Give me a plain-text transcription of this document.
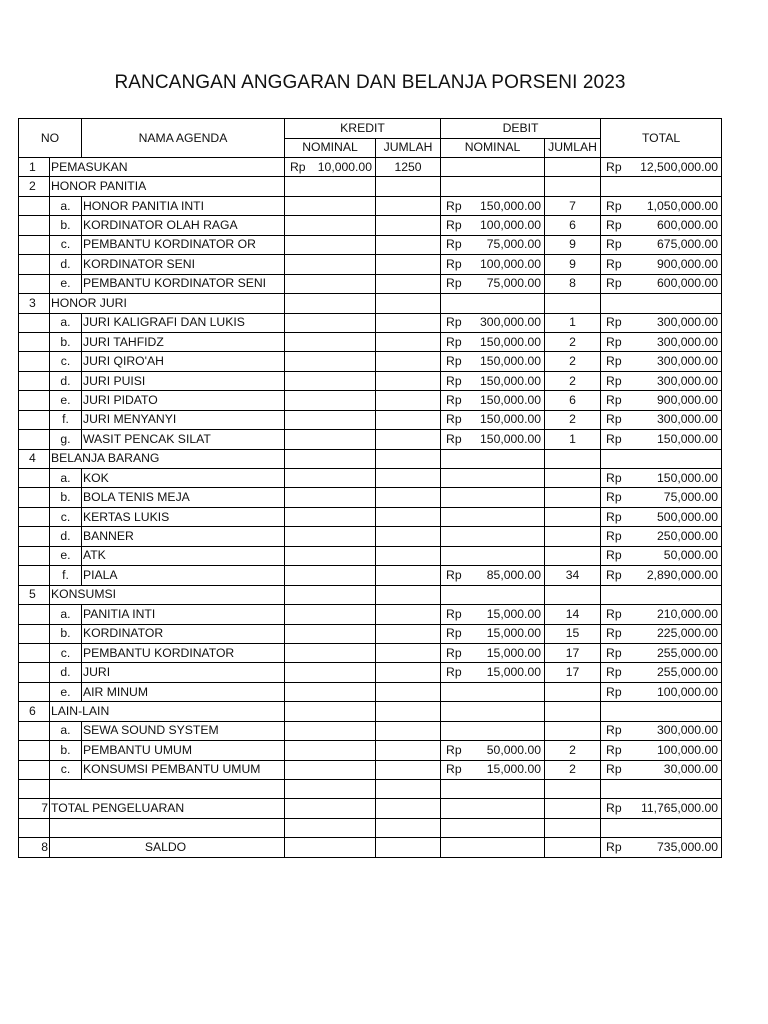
RANCANGAN ANGGARAN DAN BELANJA PORSENI 2023
NO		NAMA AGENDA	KREDIT		DEBIT		TOTAL
			NOMINAL	JUMLAH	NOMINAL	JUMLAH	
1	PEMASUKAN		Rp 10,000.00	1250			Rp 12,500,000.00

2	HONOR PANITIA						
	a.	HONOR PANITIA INTI			Rp 150,000.00	7	Rp 1,050,000.00

	b.	KORDINATOR OLAH RAGA			Rp 100,000.00	6	Rp 600,000.00

	c.	PEMBANTU KORDINATOR OR			Rp 75,000.00	9	Rp 675,000.00

	d.	KORDINATOR SENI			Rp 100,000.00	9	Rp 900,000.00

	e.	PEMBANTU KORDINATOR SENI			Rp 75,000.00	8	Rp 600,000.00

3	HONOR JURI						
	a.	JURI KALIGRAFI DAN LUKIS			Rp 300,000.00	1	Rp 300,000.00

	b.	JURI TAHFIDZ			Rp 150,000.00	2	Rp 300,000.00

	c.	JURI QIRO'AH			Rp 150,000.00	2	Rp 300,000.00

	d.	JURI PUISI			Rp 150,000.00	2	Rp 300,000.00

	e.	JURI PIDATO			Rp 150,000.00	6	Rp 900,000.00

	f.	JURI MENYANYI			Rp 150,000.00	2	Rp 300,000.00

	g.	WASIT PENCAK SILAT			Rp 150,000.00	1	Rp 150,000.00

4	BELANJA BARANG						
	a.	KOK					Rp 150,000.00

	b.	BOLA TENIS MEJA					Rp 75,000.00

	c.	KERTAS LUKIS					Rp 500,000.00

	d.	BANNER					Rp 250,000.00

	e.	ATK					Rp 50,000.00

	f.	PIALA			Rp 85,000.00	34	Rp 2,890,000.00

5	KONSUMSI						
	a.	PANITIA INTI			Rp 15,000.00	14	Rp 210,000.00

	b.	KORDINATOR			Rp 15,000.00	15	Rp 225,000.00

	c.	PEMBANTU KORDINATOR			Rp 15,000.00	17	Rp 255,000.00

	d.	JURI			Rp 15,000.00	17	Rp 255,000.00

	e.	AIR MINUM					Rp 100,000.00

6	LAIN-LAIN						
	a.	SEWA SOUND SYSTEM					Rp 300,000.00

	b.	PEMBANTU UMUM			Rp 50,000.00	2	Rp 100,000.00

	c.	KONSUMSI PEMBANTU UMUM			Rp 15,000.00	2	Rp 30,000.00

7	TOTAL PENGELUARAN						Rp 11,765,000.00

8	SALDO						Rp 735,000.00
